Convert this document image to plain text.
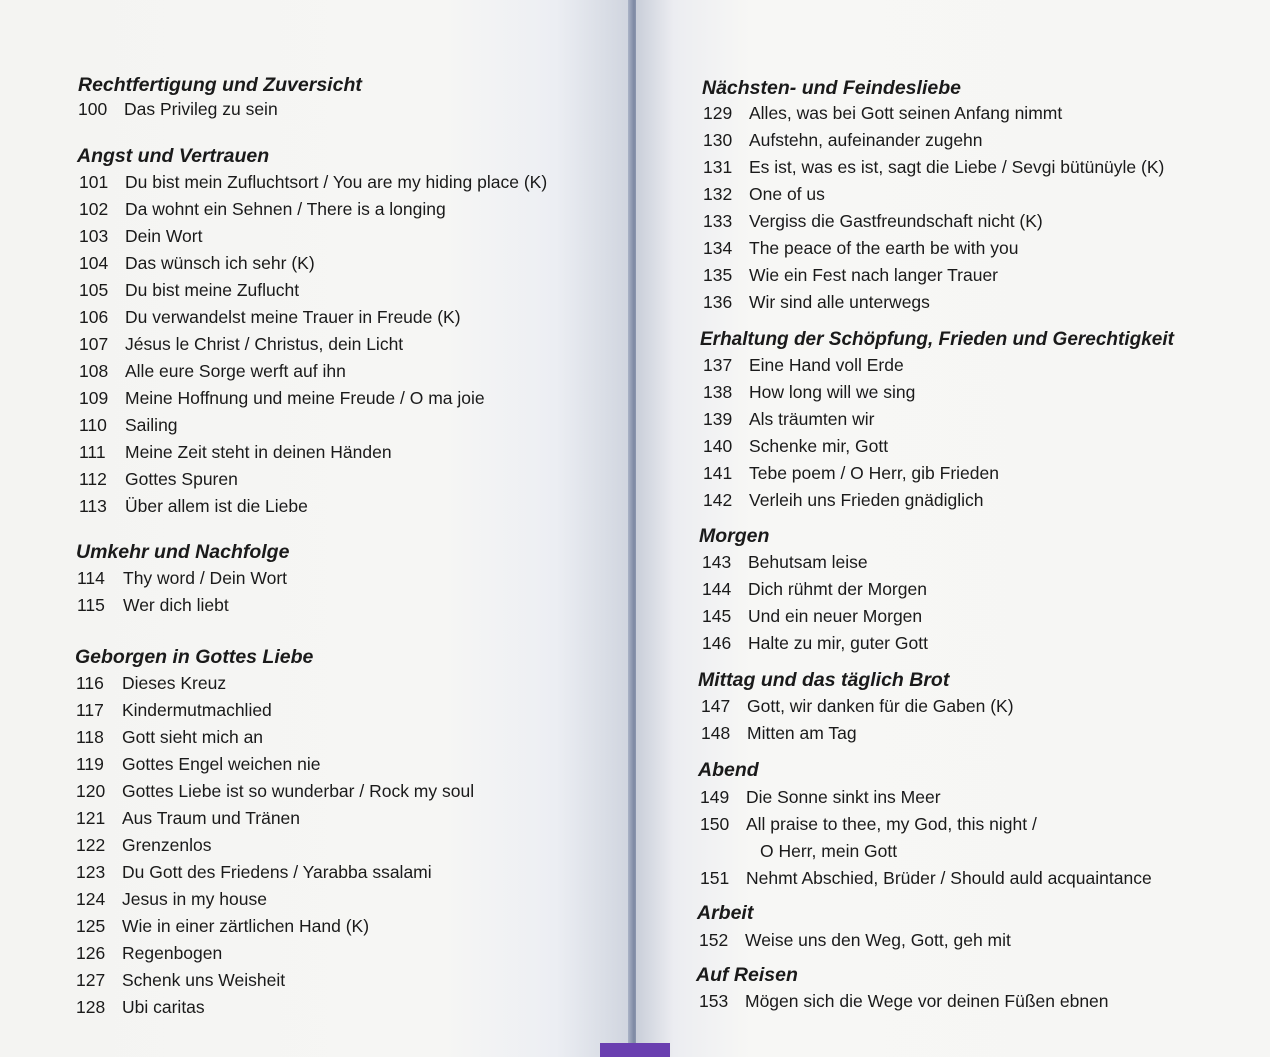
Rechtfertigung und Zuversicht
100 Das Privileg zu sein
Angst und Vertrauen
101 Du bist mein Zufluchtsort / You are my hiding place (K)
102 Da wohnt ein Sehnen / There is a longing
103 Dein Wort
104 Das wünsch ich sehr (K)
105 Du bist meine Zuflucht
106 Du verwandelst meine Trauer in Freude (K)
107 Jésus le Christ / Christus, dein Licht
108 Alle eure Sorge werft auf ihn
109 Meine Hoffnung und meine Freude / O ma joie
110	Sailing
111	Meine Zeit steht in deinen Händen
112	Gottes Spuren
113	Über allem ist die Liebe
Umkehr und Nachfolge
114	Thy word / Dein Wort
115	Wer dich liebt
Geborgen in Gottes Liebe
116	Dieses Kreuz
117	Kindermutmachlied
118	Gott sieht mich an
119	Gottes Engel weichen nie
120 Gottes Liebe ist so wunderbar / Rock my soul
121 Aus Traum und Tränen
122 Grenzenlos
123 Du Gott des Friedens / Yarabba ssalami
124 Jesus in my house
125 Wie in einer zärtlichen Hand (K)
126 Regenbogen
127 Schenk uns Weisheit
128 Ubi caritas
Nächsten- und Feindesliebe
129 Alles, was bei Gott seinen Anfang nimmt
130 Aufstehn, aufeinander zugehn
131 Es ist, was es ist, sagt die Liebe / Sevgi bütünüyle (K)
132 One of us
133 Vergiss die Gastfreundschaft nicht (K)
134 The peace of the earth be with you
135 Wie ein Fest nach langer Trauer
136 Wir sind alle unterwegs
Erhaltung der Schöpfung, Frieden und Gerechtigkeit
137 Eine Hand voll Erde
138 How long will we sing
139 Als träumten wir
140 Schenke mir, Gott
141 Tebe poem / O Herr, gib Frieden
142 Verleih uns Frieden gnädiglich
Morgen
143 Behutsam leise
144 Dich rühmt der Morgen
145 Und ein neuer Morgen
146 Halte zu mir, guter Gott
Mittag und das täglich Brot
147 Gott, wir danken für die Gaben (K)
148 Mitten am Tag
Abend
149 Die Sonne sinkt ins Meer
150 All praise to thee, my God, this night /
O Herr, mein Gott
151 Nehmt Abschied, Brüder / Should auld acquaintance
Arbeit
152 Weise uns den Weg, Gott, geh mit
Auf Reisen
153 Mögen sich die Wege vor deinen Füßen ebnen
